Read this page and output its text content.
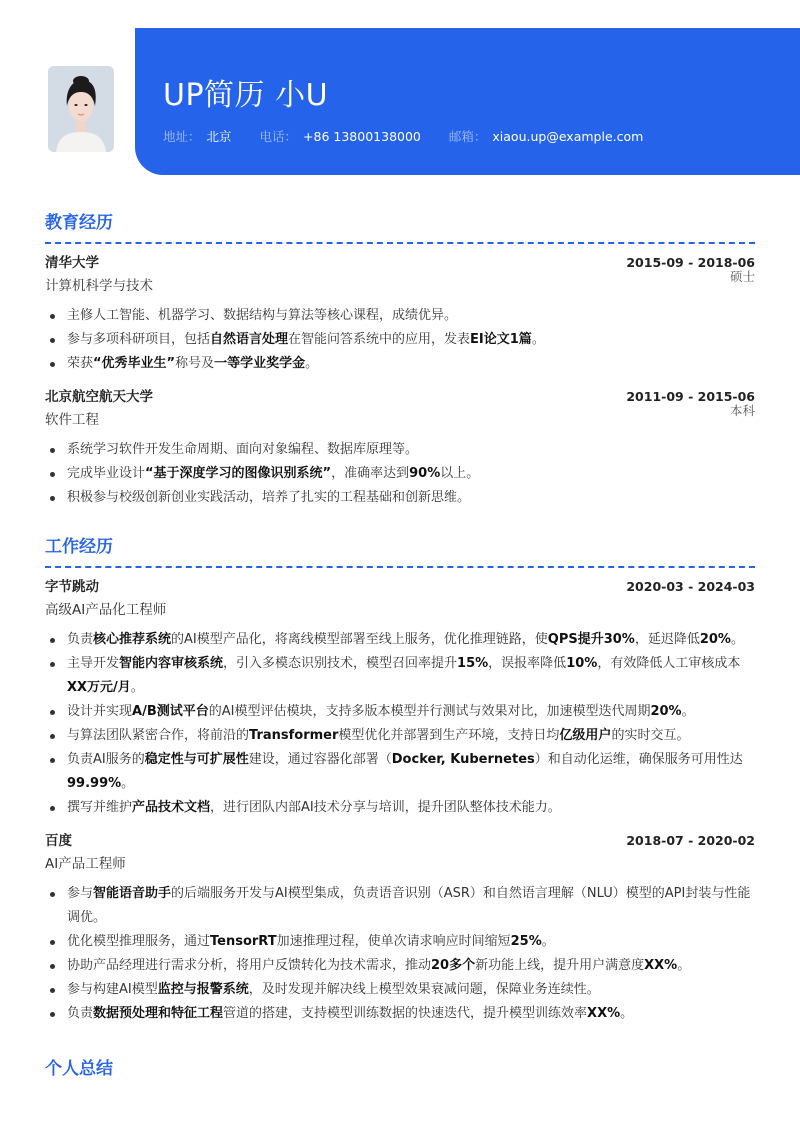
UP简历 小U
地址： 北京 电话： +86 13800138000 邮箱： xiaou.up@example.com
教育经历
清华大学	2015-09 - 2018-06
计算机科学与技术
硕士
主修人工智能、机器学习、数据结构与算法等核心课程，成绩优异。
参与多项科研项目，包括自然语言处理在智能问答系统中的应用，发表EI论文1篇。
荣获“优秀毕业生”称号及一等学业奖学金。
北京航空航天大学	2011-09 - 2015-06
软件工程
本科
系统学习软件开发生命周期、面向对象编程、数据库原理等。
完成毕业设计“基于深度学习的图像识别系统”，准确率达到90%以上。
积极参与校级创新创业实践活动，培养了扎实的工程基础和创新思维。
工作经历
字节跳动	2020-03 - 2024-03
高级AI产品化工程师
负责核心推荐系统的AI模型产品化，将离线模型部署至线上服务，优化推理链路，使QPS提升30%，延迟降低20%。
主导开发智能内容审核系统，引入多模态识别技术，模型召回率提升15%，误报率降低10%，有效降低人工审核成本XX万元/月。
设计并实现A/B测试平台的AI模型评估模块，支持多版本模型并行测试与效果对比，加速模型迭代周期20%。
与算法团队紧密合作，将前沿的Transformer模型优化并部署到生产环境，支持日均亿级用户的实时交互。
负责AI服务的稳定性与可扩展性建设，通过容器化部署（Docker, Kubernetes）和自动化运维，确保服务可用性达99.99%。
撰写并维护产品技术文档，进行团队内部AI技术分享与培训，提升团队整体技术能力。
百度	2018-07 - 2020-02
AI产品工程师
参与智能语音助手的后端服务开发与AI模型集成，负责语音识别（ASR）和自然语言理解（NLU）模型的API封装与性能调优。
优化模型推理服务，通过TensorRT加速推理过程，使单次请求响应时间缩短25%。
协助产品经理进行需求分析，将用户反馈转化为技术需求，推动20多个新功能上线，提升用户满意度XX%。
参与构建AI模型监控与报警系统，及时发现并解决线上模型效果衰减问题，保障业务连续性。
负责数据预处理和特征工程管道的搭建，支持模型训练数据的快速迭代，提升模型训练效率XX%。
个人总结
